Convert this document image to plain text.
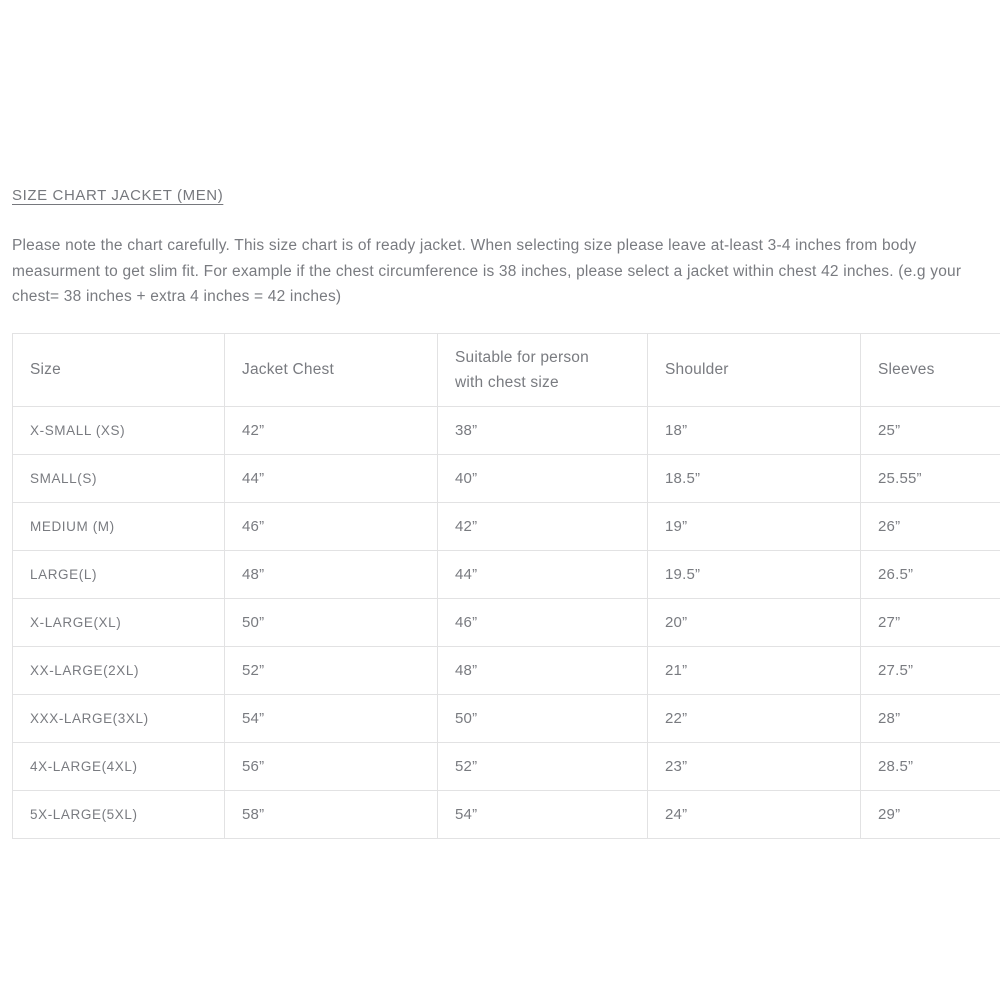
SIZE CHART JACKET (MEN)

Please note the chart carefully. This size chart is of ready jacket. When selecting size please leave at-least 3-4 inches from body measurment to get slim fit. For example if the chest circumference is 38 inches, please select a jacket within chest 42 inches. (e.g your chest= 38 inches + extra 4 inches = 42 inches)

Size	Jacket Chest	Suitable for person with chest size	Shoulder	Sleeves
X-SMALL (XS)	42”	38”	18”	25”
SMALL(S)	44”	40”	18.5”	25.55”
MEDIUM (M)	46”	42”	19”	26”
LARGE(L)	48”	44”	19.5”	26.5”
X-LARGE(XL)	50”	46”	20”	27”
XX-LARGE(2XL)	52”	48”	21”	27.5”
XXX-LARGE(3XL)	54”	50”	22”	28”
4X-LARGE(4XL)	56”	52”	23”	28.5”
5X-LARGE(5XL)	58”	54”	24”	29”
